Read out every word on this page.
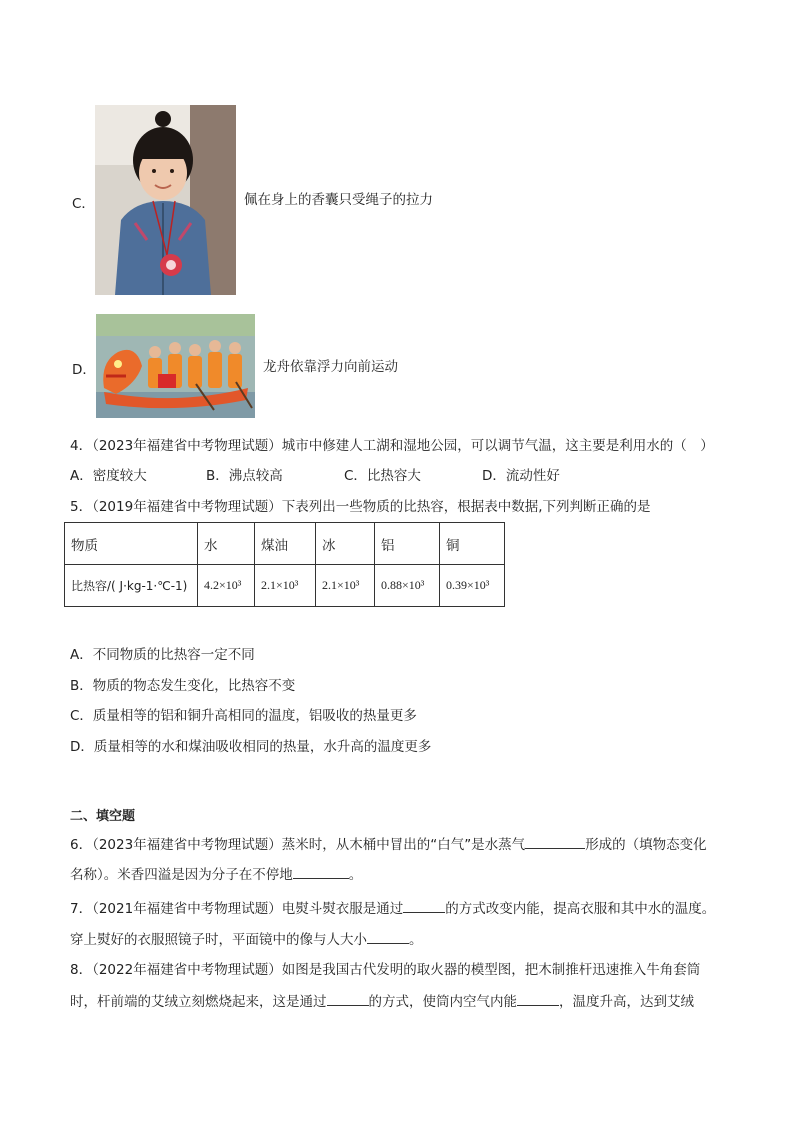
C．	佩在身上的香囊只受绳子的拉力
D．	龙舟依靠浮力向前运动
4．（2023年福建省中考物理试题）城市中修建人工湖和湿地公园，可以调节气温，这主要是利用水的（　）
A．密度较大	B．沸点较高	C．比热容大	D．流动性好
5．（2019年福建省中考物理试题）下表列出一些物质的比热容，根据表中数据,下列判断正确的是
物质	水	煤油	冰	铝	铜
比热容/( J·kg-1·℃-1)	4.2×10³	2.1×10³	2.1×10³	0.88×10³	0.39×10³
A．不同物质的比热容一定不同
B．物质的物态发生变化，比热容不变
C．质量相等的铝和铜升高相同的温度，铝吸收的热量更多
D．质量相等的水和煤油吸收相同的热量，水升高的温度更多
二、填空题
6．（2023年福建省中考物理试题）蒸米时，从木桶中冒出的“白气”是水蒸气	形成的（填物态变化
名称）。米香四溢是因为分子在不停地	。
7．（2021年福建省中考物理试题）电熨斗熨衣服是通过	的方式改变内能，提高衣服和其中水的温度。
穿上熨好的衣服照镜子时，平面镜中的像与人大小	。
8．（2022年福建省中考物理试题）如图是我国古代发明的取火器的模型图，把木制推杆迅速推入牛角套筒
时，杆前端的艾绒立刻燃烧起来，这是通过	的方式，使筒内空气内能	，温度升高，达到艾绒
